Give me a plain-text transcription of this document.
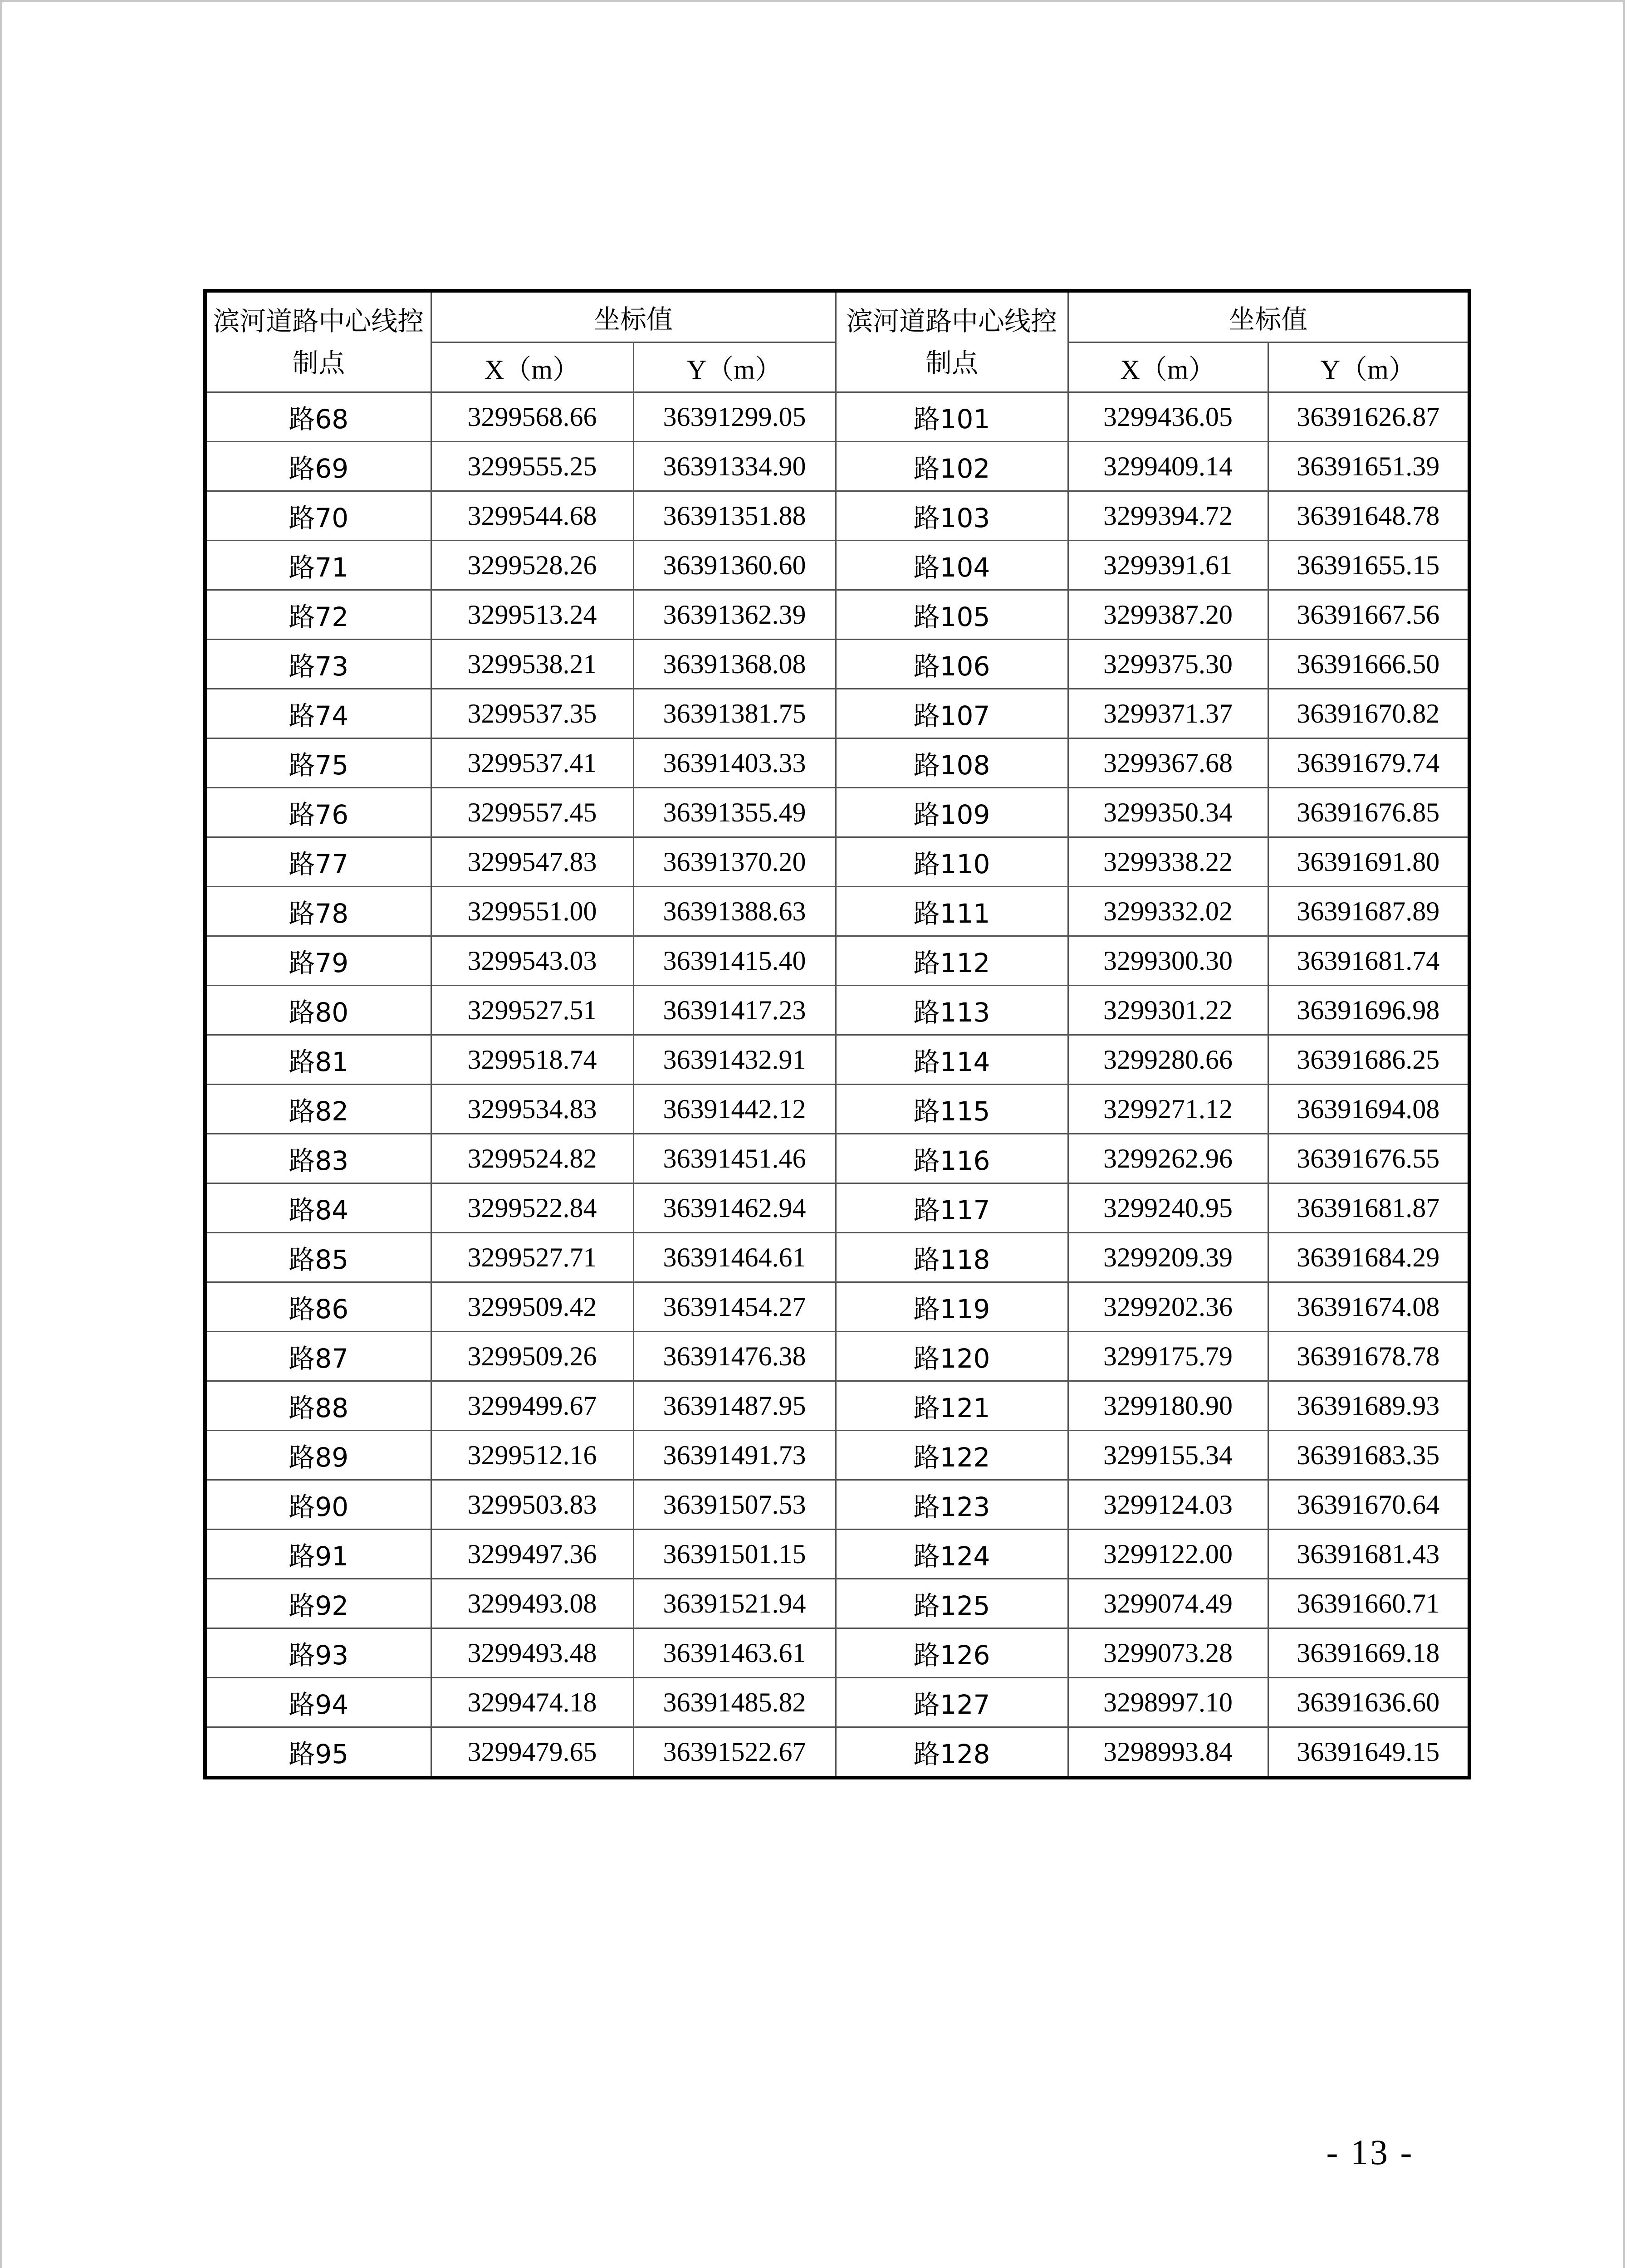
滨河道路中心线控制点	坐标值		滨河道路中心线控制点	坐标值	
	X（m）	Y（m）		X（m）	Y（m）
路68	3299568.66	36391299.05	路101	3299436.05	36391626.87
路69	3299555.25	36391334.90	路102	3299409.14	36391651.39
路70	3299544.68	36391351.88	路103	3299394.72	36391648.78
路71	3299528.26	36391360.60	路104	3299391.61	36391655.15
路72	3299513.24	36391362.39	路105	3299387.20	36391667.56
路73	3299538.21	36391368.08	路106	3299375.30	36391666.50
路74	3299537.35	36391381.75	路107	3299371.37	36391670.82
路75	3299537.41	36391403.33	路108	3299367.68	36391679.74
路76	3299557.45	36391355.49	路109	3299350.34	36391676.85
路77	3299547.83	36391370.20	路110	3299338.22	36391691.80
路78	3299551.00	36391388.63	路111	3299332.02	36391687.89
路79	3299543.03	36391415.40	路112	3299300.30	36391681.74
路80	3299527.51	36391417.23	路113	3299301.22	36391696.98
路81	3299518.74	36391432.91	路114	3299280.66	36391686.25
路82	3299534.83	36391442.12	路115	3299271.12	36391694.08
路83	3299524.82	36391451.46	路116	3299262.96	36391676.55
路84	3299522.84	36391462.94	路117	3299240.95	36391681.87
路85	3299527.71	36391464.61	路118	3299209.39	36391684.29
路86	3299509.42	36391454.27	路119	3299202.36	36391674.08
路87	3299509.26	36391476.38	路120	3299175.79	36391678.78
路88	3299499.67	36391487.95	路121	3299180.90	36391689.93
路89	3299512.16	36391491.73	路122	3299155.34	36391683.35
路90	3299503.83	36391507.53	路123	3299124.03	36391670.64
路91	3299497.36	36391501.15	路124	3299122.00	36391681.43
路92	3299493.08	36391521.94	路125	3299074.49	36391660.71
路93	3299493.48	36391463.61	路126	3299073.28	36391669.18
路94	3299474.18	36391485.82	路127	3298997.10	36391636.60
路95	3299479.65	36391522.67	路128	3298993.84	36391649.15
- 13 -
